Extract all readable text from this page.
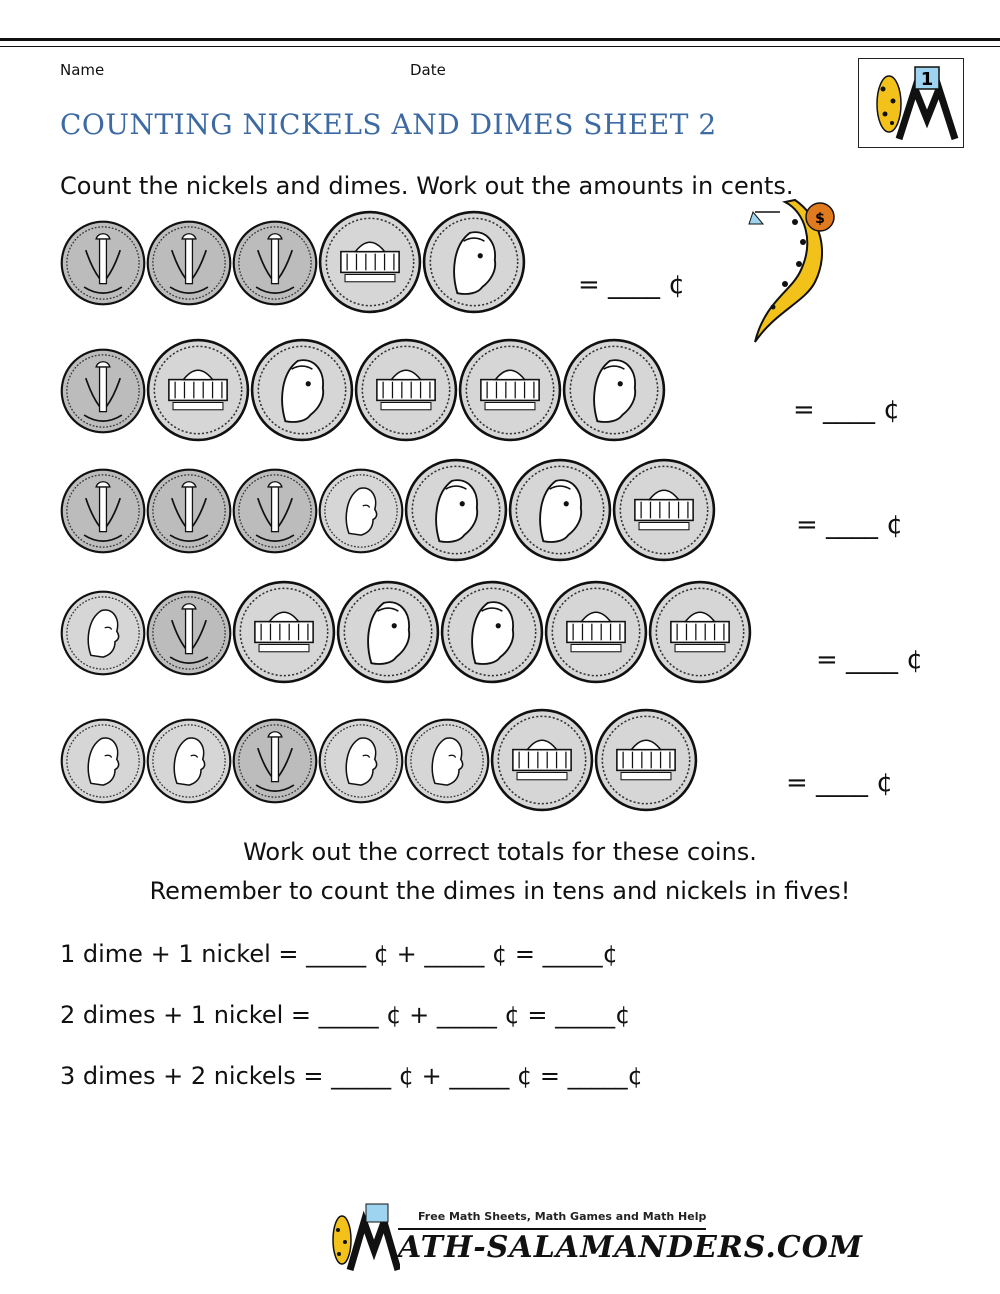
Name	Date
COUNTING NICKELS AND DIMES SHEET 2
1
Count the nickels and dimes. Work out the amounts in cents.
= ____ ¢
= ____ ¢
= ____ ¢
= ____ ¢
= ____ ¢
$
Work out the correct totals for these coins.
Remember to count the dimes in tens and nickels in fives!
1 dime + 1 nickel = _____ ¢ + _____ ¢ = _____¢
2 dimes + 1 nickel = _____ ¢ + _____ ¢ = _____¢
3 dimes + 2 nickels = _____ ¢ + _____ ¢ = _____¢
Free Math Sheets, Math Games and Math Help
ATH-SALAMANDERS.COM
